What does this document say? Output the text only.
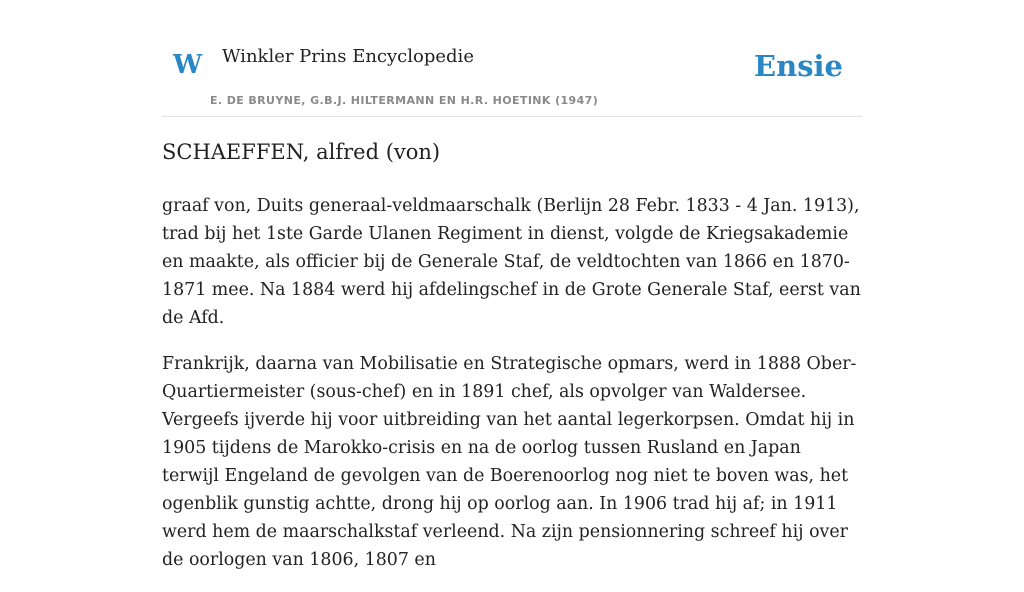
W Winkler Prins Encyclopedie
E. DE BRUYNE, G.B.J. HILTERMANN EN H.R. HOETINK (1947)
Ensie
SCHAEFFEN, alfred (von)

graaf von, Duits generaal-veldmaarschalk (Berlijn 28 Febr. 1833 - 4 Jan. 1913), trad bij het 1ste Garde Ulanen Regiment in dienst, volgde de Kriegsakademie en maakte, als officier bij de Generale Staf, de veldtochten van 1866 en 1870-1871 mee. Na 1884 werd hij afdelingschef in de Grote Generale Staf, eerst van de Afd.

Frankrijk, daarna van Mobilisatie en Strategische opmars, werd in 1888 Ober-Quartiermeister (sous-chef) en in 1891 chef, als opvolger van Waldersee. Vergeefs ijverde hij voor uitbreiding van het aantal legerkorpsen. Omdat hij in 1905 tijdens de Marokko-crisis en na de oorlog tussen Rusland en Japan terwijl Engeland de gevolgen van de Boerenoorlog nog niet te boven was, het ogenblik gunstig achtte, drong hij op oorlog aan. In 1906 trad hij af; in 1911 werd hem de maarschalkstaf verleend. Na zijn pensionnering schreef hij over de oorlogen van 1806, 1807 en
